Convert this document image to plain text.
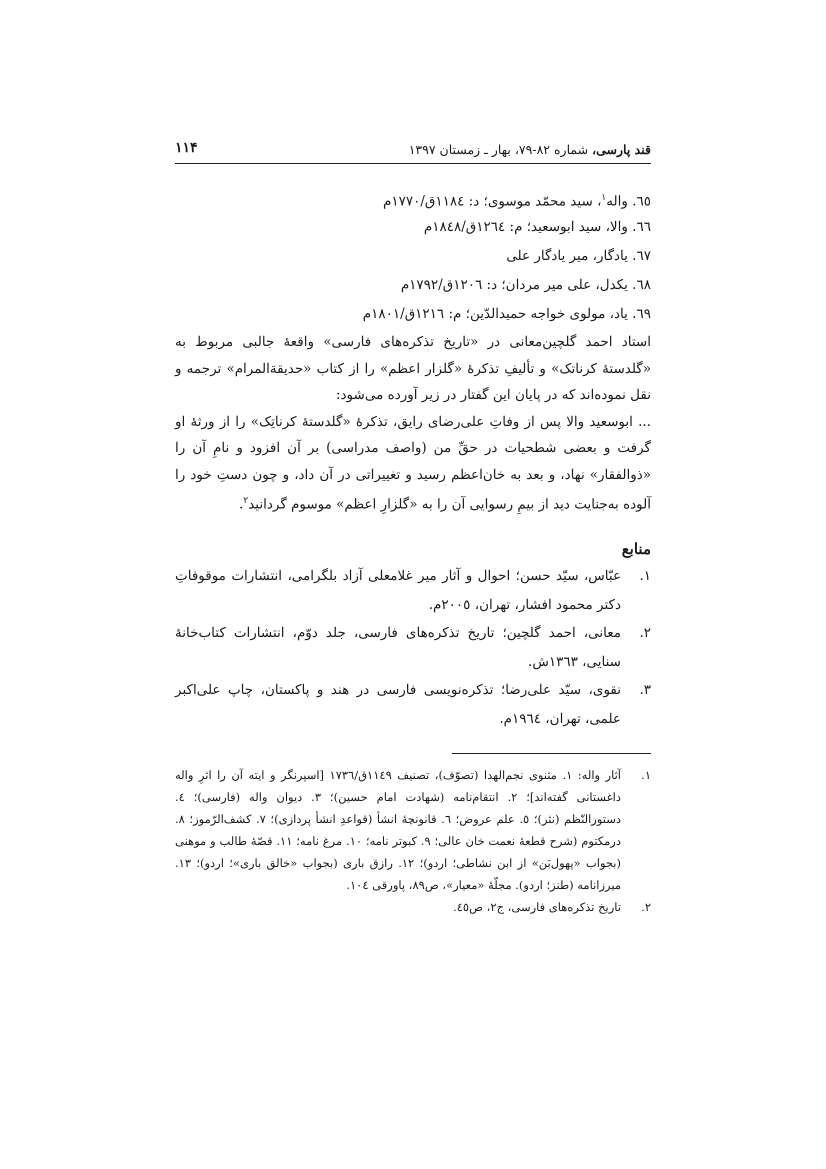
قند پارسی، شماره ۸۲-۷۹، بهار ـ زمستان ۱۳۹۷
۱۱۴
٦٥. واله$^١$، سید محمّد موسوی؛ د: ١١٨٤ق/١٧٧٠م
٦٦. والا، سید ابوسعید؛ م: ١٢٦٤ق/١٨٤٨م
٦٧. یادگار، میر یادگار علی
٦٨. یکدل، علی میر مردان؛ د: ١٢٠٦ق/١٧٩٢م
٦٩. یاد، مولوی خواجه حمیدالدّین؛ م: ١٢١٦ق/١٨٠١م

استاد احمد گلچین‌معانی در «تاریخ تذکره‌های فارسی» واقعهٔ جالبی مربوط به «گلدستهٔ کرناتک» و تألیفِ تذکرهٔ «گلزار اعظم» را از کتاب «حدیقةالمرام» ترجمه و نقل نموده‌اند که در پایان این گفتار در زیر آورده می‌شود:

... ابوسعید والا پس از وفاتِ علی‌رضای رایق، تذکرهٔ «گلدستهٔ کرناتِک» را از ورثهٔ او گرفت و بعضی شطحیات در حقِّ من (واصف مدراسی) بر آن افزود و نامِ آن را «ذوالفقار» نهاد، و بعد به خان‌اعظم رسید و تغییراتی در آن داد، و چون دستِ خود را آلوده به‌جنایت دید از بیمِ رسوایی آن را به «گلزارِ اعظم» موسوم گردانید$^٢$.

منابع
١.
عبّاس، سیّد حسن؛ احوال و آثار میر غلامعلی آزاد بلگرامی، انتشارات موقوفاتِ دکتر محمود افشار، تهران، ٢٠٠٥م.
٢.
معانی، احمد گلچین؛ تاریخ تذکره‌های فارسی، جلد دوّم، انتشارات کتاب‌خانهٔ سنایی، ١٣٦٣ش.
٣.
نقوی، سیّد علی‌رضا؛ تذکره‌نویسی فارسی در هند و پاکستان، چاپ علی‌اکبر علمی، تهران، ١٩٦٤م.
١.
آثار واله: ١. مثنوی نجم‌الهدا (تصوّف)، تصنیف ١١٤٩ق/١٧٣٦ [اسپرنگر و ایته آن را اثرِ واله داغستانی گفته‌اند]؛ ٢. انتقام‌نامه (شهادت امام حسین)؛ ٣. دیوان واله (فارسی)؛ ٤. دستورالنّظم (نثر)؛ ٥. علم عروض؛ ٦. قانونچهٔ انشأ (قواعدِ انشأ پردازی)؛ ٧. کشف‌الرّموز؛ ٨. درمکتوم (شرح قطعهٔ نعمت خان عالی؛ ٩. کبوتر نامه؛ ١٠. مرغ نامه؛ ١١. قصّهٔ طالب و موهنی (بجواب «پهول‌بَن» از ابن نشاطی؛ اردو)؛ ١٢. رازق باری (بجواب «خالق باری»؛ اردو)؛ ١٣. میرزانامه (طنز؛ اردو). مجلّهٔ «معیار»، ص٨٩، پاورقی ١٠٤.
٢.
تاریخ تذکره‌های فارسی، ج٢، ص٤٥.
